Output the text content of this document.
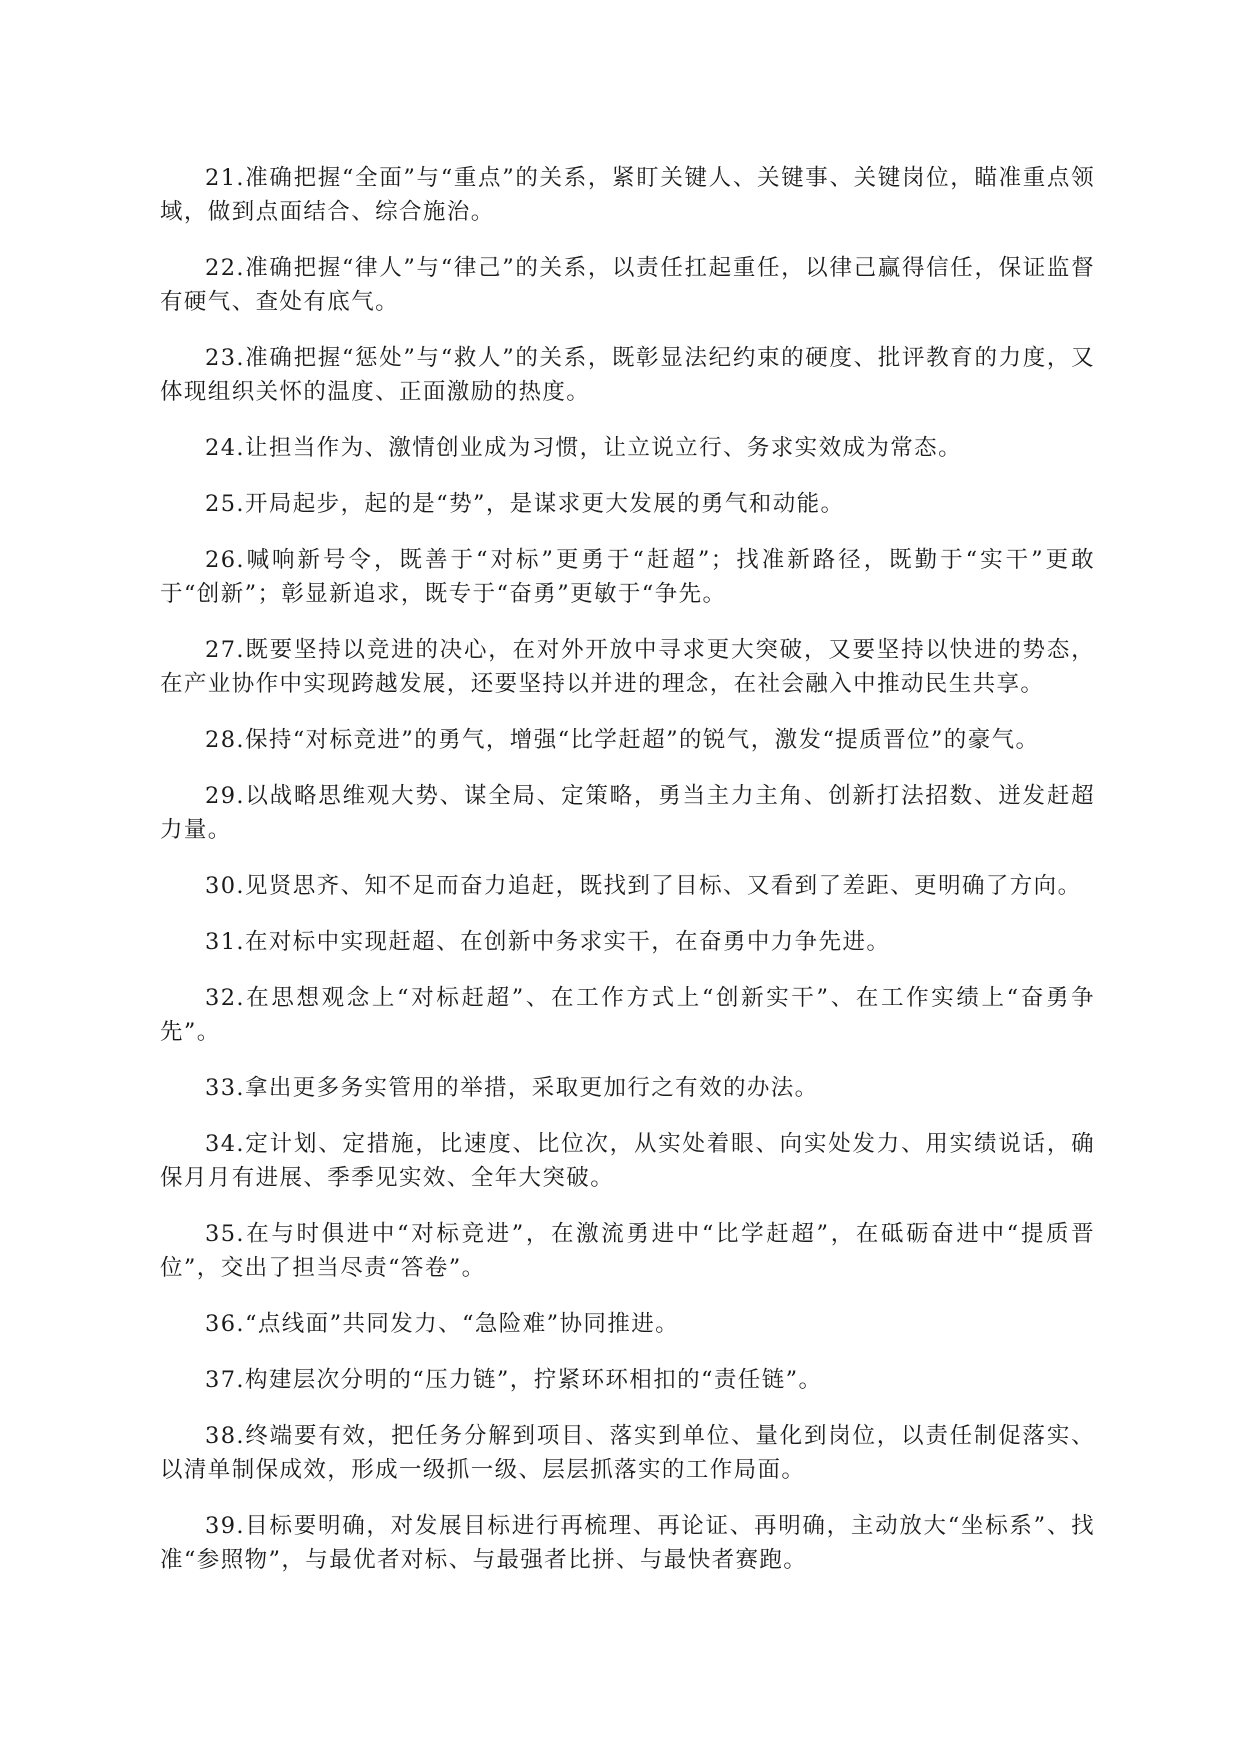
21.准确把握“全面”与“重点”的关系，紧盯关键人、关键事、关键岗位，瞄准重点领域，做到点面结合、综合施治。

22.准确把握“律人”与“律己”的关系，以责任扛起重任，以律己赢得信任，保证监督有硬气、查处有底气。

23.准确把握“惩处”与“救人”的关系，既彰显法纪约束的硬度、批评教育的力度，又体现组织关怀的温度、正面激励的热度。

24.让担当作为、激情创业成为习惯，让立说立行、务求实效成为常态。

25.开局起步，起的是“势”，是谋求更大发展的勇气和动能。

26.喊响新号令，既善于“对标”更勇于“赶超”；找准新路径，既勤于“实干”更敢于“创新”；彰显新追求，既专于“奋勇”更敏于“争先。

27.既要坚持以竞进的决心，在对外开放中寻求更大突破，又要坚持以快进的势态，在产业协作中实现跨越发展，还要坚持以并进的理念，在社会融入中推动民生共享。

28.保持“对标竞进”的勇气，增强“比学赶超”的锐气，激发“提质晋位”的豪气。

29.以战略思维观大势、谋全局、定策略，勇当主力主角、创新打法招数、迸发赶超力量。

30.见贤思齐、知不足而奋力追赶，既找到了目标、又看到了差距、更明确了方向。

31.在对标中实现赶超、在创新中务求实干，在奋勇中力争先进。

32.在思想观念上“对标赶超”、在工作方式上“创新实干”、在工作实绩上“奋勇争先”。

33.拿出更多务实管用的举措，采取更加行之有效的办法。

34.定计划、定措施，比速度、比位次，从实处着眼、向实处发力、用实绩说话，确保月月有进展、季季见实效、全年大突破。

35.在与时俱进中“对标竞进”，在激流勇进中“比学赶超”，在砥砺奋进中“提质晋位”，交出了担当尽责“答卷”。

36.“点线面”共同发力、“急险难”协同推进。

37.构建层次分明的“压力链”，拧紧环环相扣的“责任链”。

38.终端要有效，把任务分解到项目、落实到单位、量化到岗位，以责任制促落实、以清单制保成效，形成一级抓一级、层层抓落实的工作局面。

39.目标要明确，对发展目标进行再梳理、再论证、再明确，主动放大“坐标系”、找准“参照物”，与最优者对标、与最强者比拼、与最快者赛跑。
